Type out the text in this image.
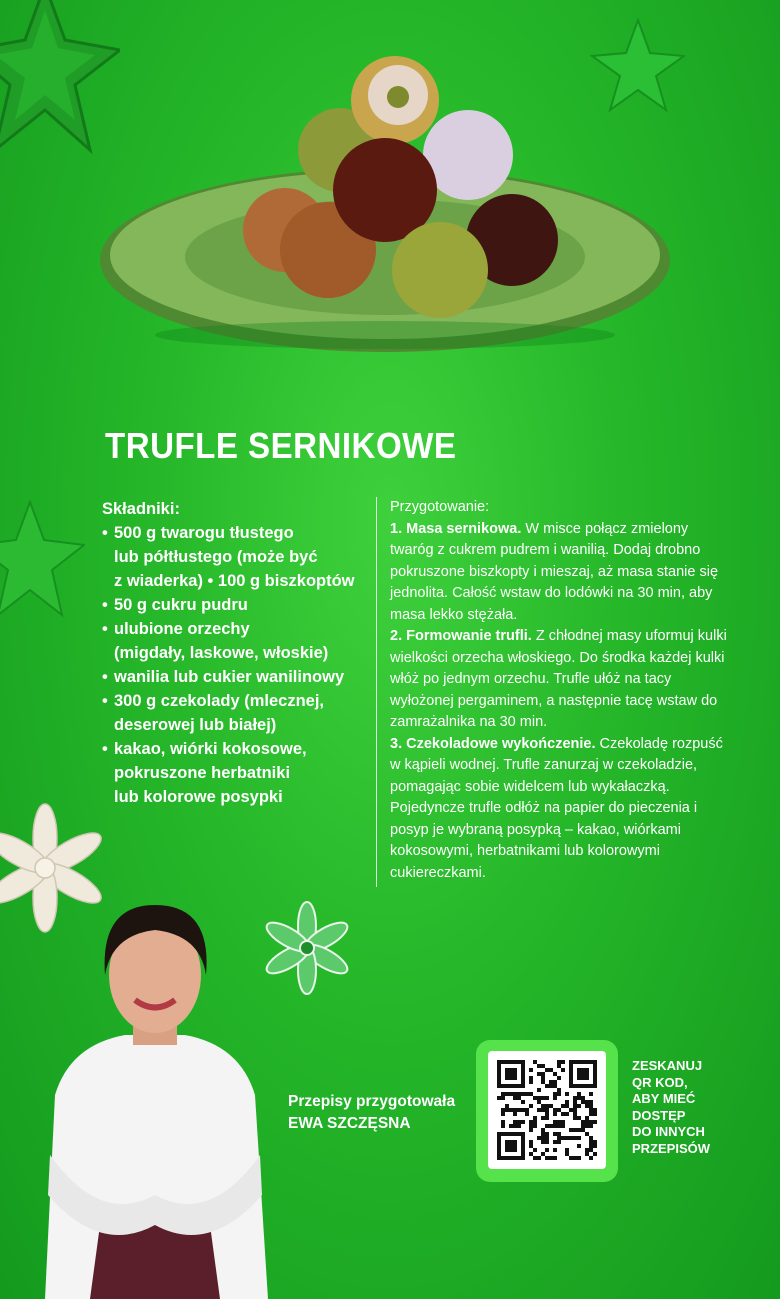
TRUFLE SERNIKOWE
Składniki:
• 500 g twarogu tłustego
lub półtłustego (może być
z wiaderka) • 100 g biszkoptów
• 50 g cukru pudru
• ulubione orzechy
(migdały, laskowe, włoskie)
• wanilia lub cukier wanilinowy
• 300 g czekolady (mlecznej,
deserowej lub białej)
• kakao, wiórki kokosowe,
pokruszone herbatniki
lub kolorowe posypki

Przygotowanie:

1. Masa sernikowa. W misce połącz zmielony twaróg z cukrem pudrem i wanilią. Dodaj drobno pokruszone biszkopty i mieszaj, aż masa stanie się jednolita. Całość wstaw do lodówki na 30 min, aby masa lekko stężała.

2. Formowanie trufli. Z chłodnej masy uformuj kulki wielkości orzecha włoskiego. Do środka każdej kulki włóż po jednym orzechu. Trufle ułóż na tacy wyłożonej pergaminem, a następnie tacę wstaw do zamrażalnika na 30 min.

3. Czekoladowe wykończenie. Czekoladę rozpuść w kąpieli wodnej. Trufle zanurzaj w czekoladzie, pomagając sobie widelcem lub wykałaczką. Pojedyncze trufle odłóż na papier do pieczenia i posyp je wybraną posypką – kakao, wiórkami kokosowymi, herbatnikami lub kolorowymi cukiereczkami.

Przepisy przygotowała
EWA SZCZĘSNA
ZESKANUJ
QR KOD,
ABY MIEĆ
DOSTĘP
DO INNYCH
PRZEPISÓW
